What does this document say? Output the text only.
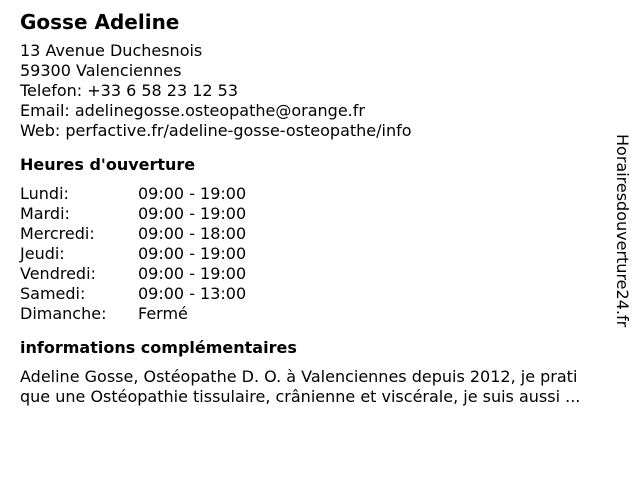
Gosse Adeline
13 Avenue Duchesnois
59300 Valenciennes
Telefon: +33 6 58 23 12 53
Email: adelinegosse.osteopathe@orange.fr
Web: perfactive.fr/adeline-gosse-osteopathe/info
Heures d'ouverture
Lundi:	09:00 - 19:00
Mardi:	09:00 - 19:00
Mercredi:	09:00 - 18:00
Jeudi:	09:00 - 19:00
Vendredi:	09:00 - 19:00
Samedi:	09:00 - 13:00
Dimanche:	Fermé
informations complémentaires
Adeline Gosse, Ostéopathe D. O. à Valenciennes depuis 2012, je prati
que une Ostéopathie tissulaire, crânienne et viscérale, je suis aussi ...
Horairesdouverture24.fr
